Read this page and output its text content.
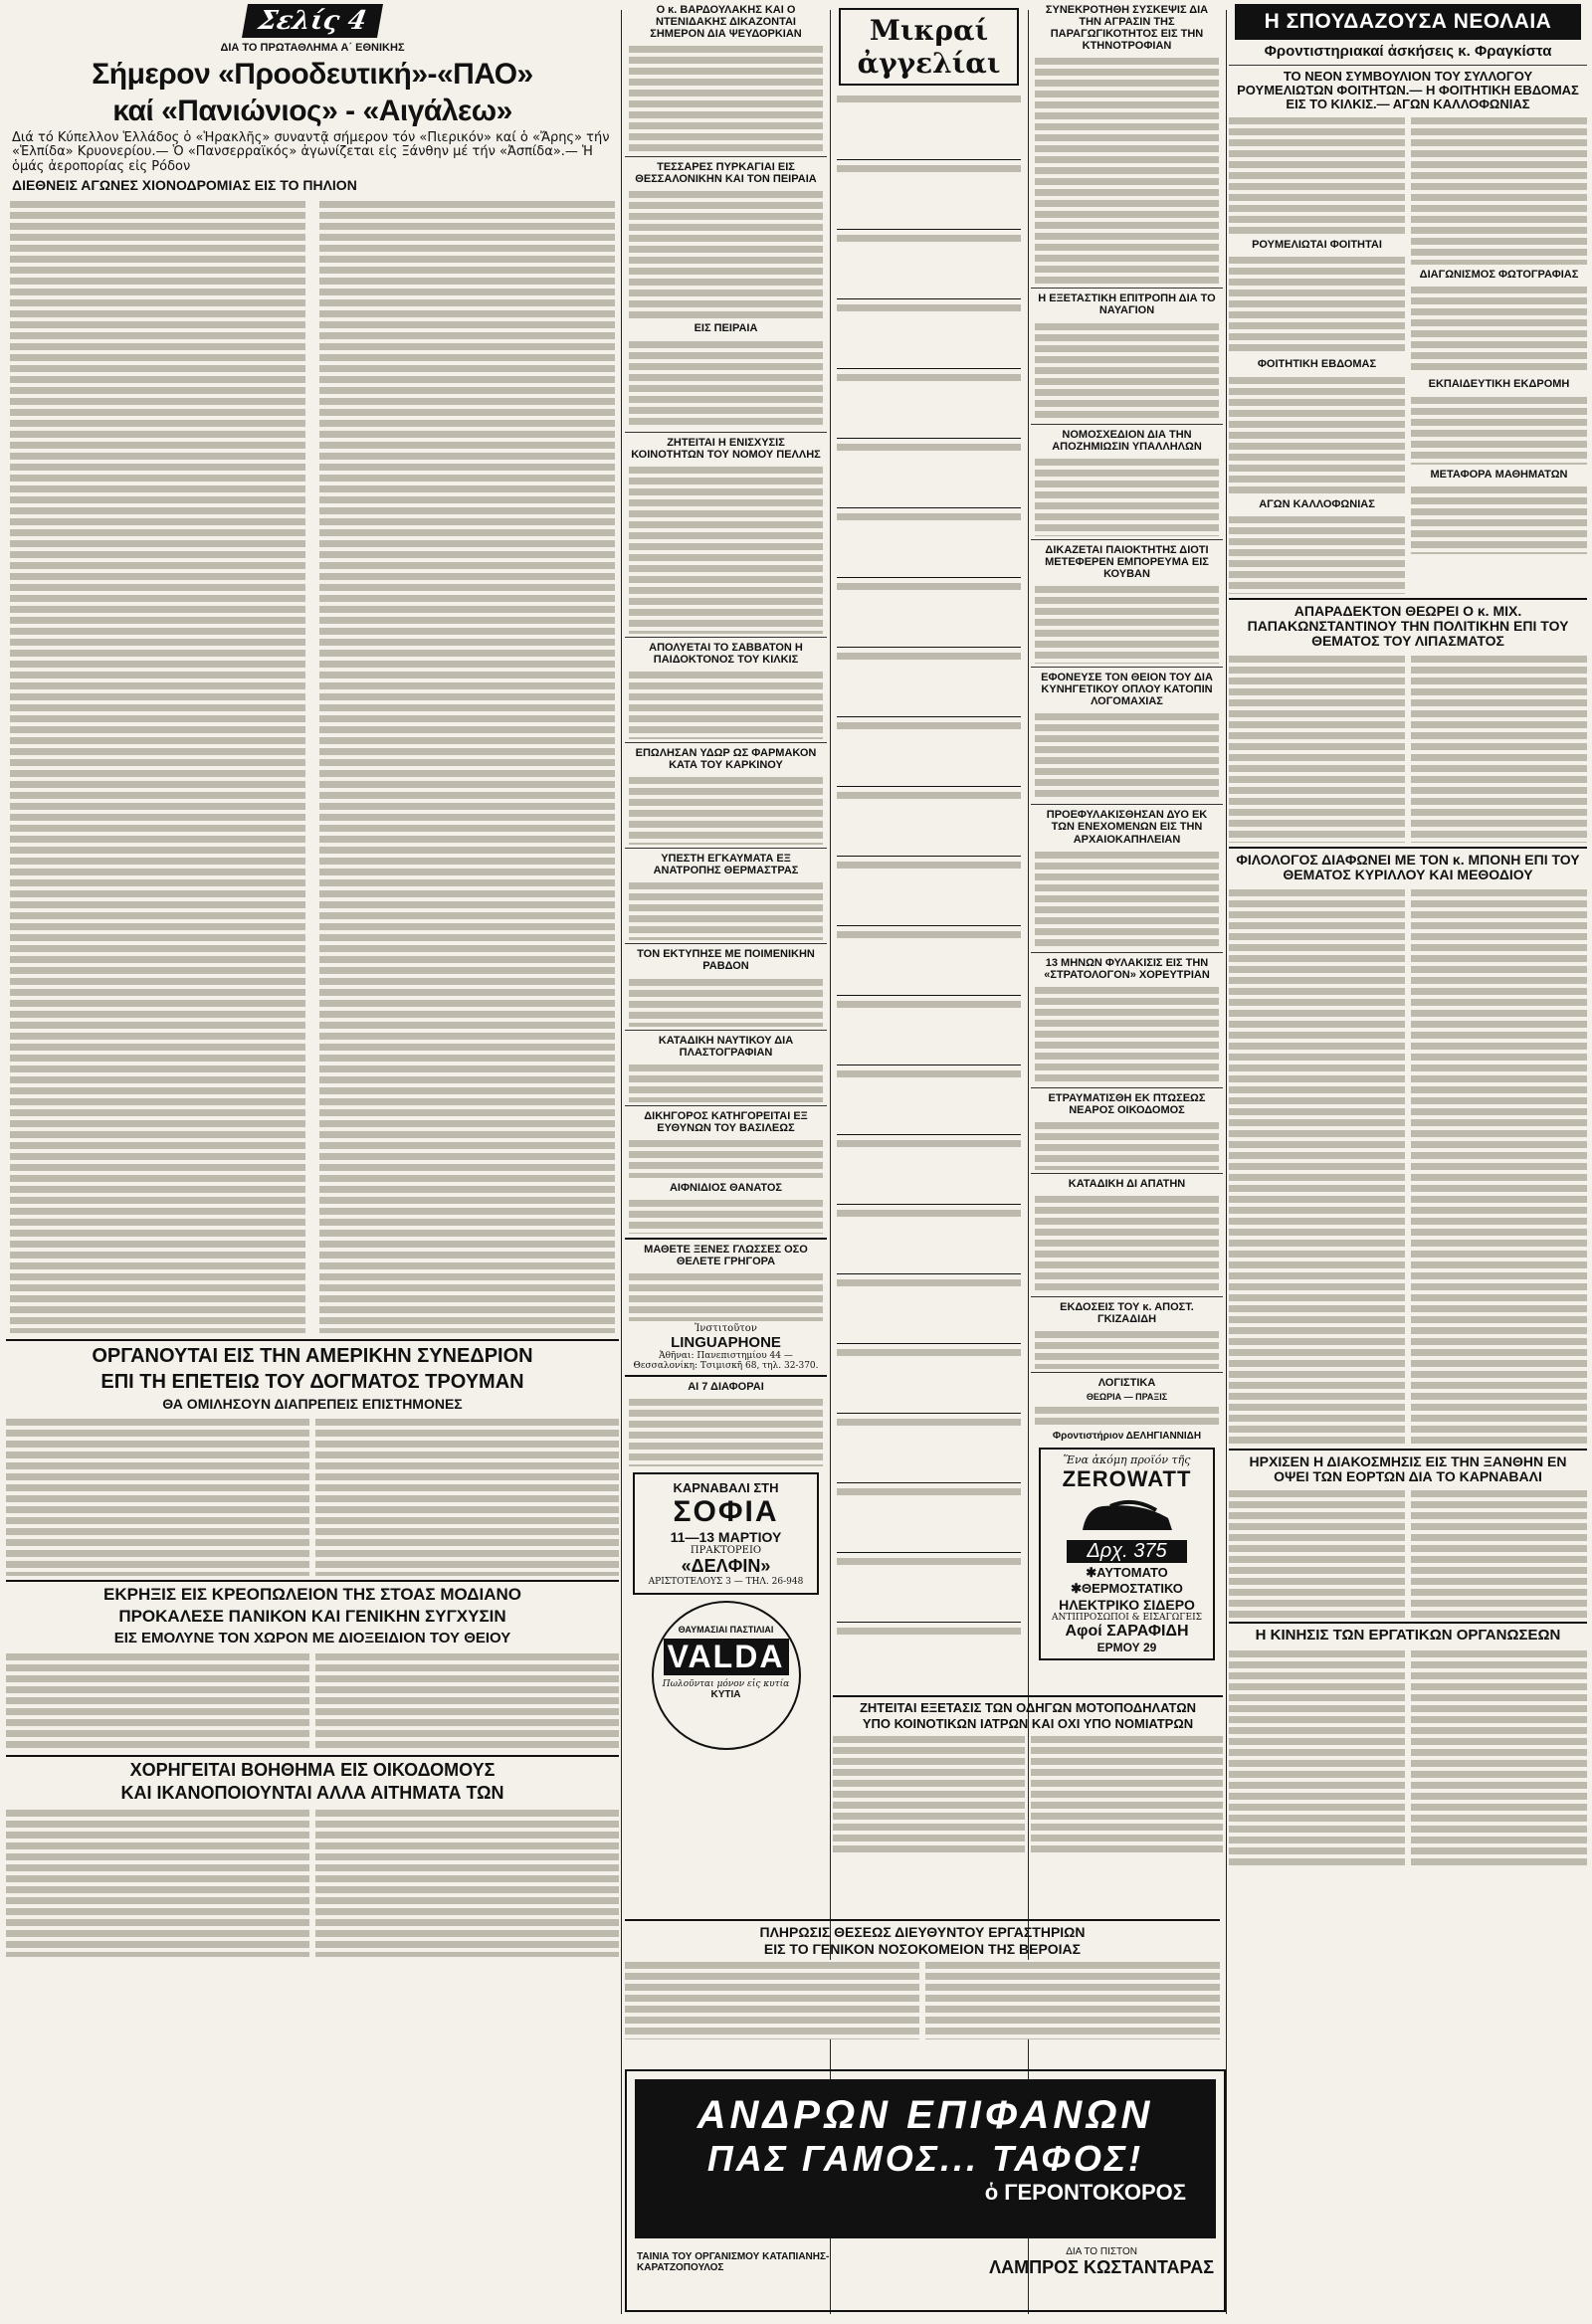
Σελίς 4
ΔΙΑ ΤΟ ΠΡΩΤΑΘΛΗΜΑ Α΄ ΕΘΝΙΚΗΣ
Σήμερον «Προοδευτική»-«ΠΑΟ»
καί «Πανιώνιος» - «Αιγάλεω»
Διά τό Κύπελλον Ἑλλάδος ὁ «Ἡρακλῆς» συναντᾷ σήμερον τόν «Πιερικόν» καί ὁ «Ἄρης» τήν «Ἑλπίδα» Κρυονερίου.— Ὁ «Πανσερραϊκός» ἀγωνίζεται εἰς Ξάνθην μέ τήν «Ἀσπίδα».— Ἡ ὁμάς ἀεροπορίας εἰς Ρόδον
ΔΙΕΘΝΕΙΣ ΑΓΩΝΕΣ ΧΙΟΝΟΔΡΟΜΙΑΣ ΕΙΣ ΤΟ ΠΗΛΙΟΝ
ΟΡΓΑΝΟΥΤΑΙ ΕΙΣ ΤΗΝ ΑΜΕΡΙΚΗΝ ΣΥΝΕΔΡΙΟΝ
ΕΠΙ ΤΗ ΕΠΕΤΕΙΩ ΤΟΥ ΔΟΓΜΑΤΟΣ ΤΡΟΥΜΑΝ
ΘΑ ΟΜΙΛΗΣΟΥΝ ΔΙΑΠΡΕΠΕΙΣ ΕΠΙΣΤΗΜΟΝΕΣ
ΕΚΡΗΞΙΣ ΕΙΣ ΚΡΕΟΠΩΛΕΙΟΝ ΤΗΣ ΣΤΟΑΣ ΜΟΔΙΑΝΟ
ΠΡΟΚΑΛΕΣΕ ΠΑΝΙΚΟΝ ΚΑΙ ΓΕΝΙΚΗΝ ΣΥΓΧΥΣΙΝ
ΕΙΣ ΕΜΟΛΥΝΕ ΤΟΝ ΧΩΡΟΝ ΜΕ ΔΙΟΞΕΙΔΙΟΝ ΤΟΥ ΘΕΙΟΥ
ΧΟΡΗΓΕΙΤΑΙ ΒΟΗΘΗΜΑ ΕΙΣ ΟΙΚΟΔΟΜΟΥΣ
ΚΑΙ ΙΚΑΝΟΠΟΙΟΥΝΤΑΙ ΑΛΛΑ ΑΙΤΗΜΑΤΑ ΤΩΝ
Ο κ. ΒΑΡΔΟΥΛΑΚΗΣ ΚΑΙ Ο ΝΤΕΝΙΔΑΚΗΣ ΔΙΚΑΖΟΝΤΑΙ ΣΗΜΕΡΟΝ ΔΙΑ ΨΕΥΔΟΡΚΙΑΝ
ΤΕΣΣΑΡΕΣ ΠΥΡΚΑΓΙΑΙ ΕΙΣ ΘΕΣΣΑΛΟΝΙΚΗΝ ΚΑΙ ΤΟΝ ΠΕΙΡΑΙΑ
ΕΙΣ ΠΕΙΡΑΙΑ
ΖΗΤΕΙΤΑΙ Η ΕΝΙΣΧΥΣΙΣ ΚΟΙΝΟΤΗΤΩΝ ΤΟΥ ΝΟΜΟΥ ΠΕΛΛΗΣ
ΑΠΟΛΥΕΤΑΙ ΤΟ ΣΑΒΒΑΤΟΝ Η ΠΑΙΔΟΚΤΟΝΟΣ ΤΟΥ ΚΙΛΚΙΣ
ΕΠΩΛΗΣΑΝ ΥΔΩΡ ΩΣ ΦΑΡΜΑΚΟΝ ΚΑΤΑ ΤΟΥ ΚΑΡΚΙΝΟΥ
ΥΠΕΣΤΗ ΕΓΚΑΥΜΑΤΑ ΕΞ ΑΝΑΤΡΟΠΗΣ ΘΕΡΜΑΣΤΡΑΣ
ΤΟΝ ΕΚΤΥΠΗΣΕ ΜΕ ΠΟΙΜΕΝΙΚΗΝ ΡΑΒΔΟΝ
ΚΑΤΑΔΙΚΗ ΝΑΥΤΙΚΟΥ ΔΙΑ ΠΛΑΣΤΟΓΡΑΦΙΑΝ
ΔΙΚΗΓΟΡΟΣ ΚΑΤΗΓΟΡΕΙΤΑΙ ΕΞ ΕΥΘΥΝΩΝ ΤΟΥ ΒΑΣΙΛΕΩΣ
ΑΙΦΝΙΔΙΟΣ ΘΑΝΑΤΟΣ
ΜΑΘΕΤΕ ΞΕΝΕΣ ΓΛΩΣΣΕΣ ΟΣΟ ΘΕΛΕΤΕ ΓΡΗΓΟΡΑ
Ἰνστιτοῦτον
LINGUAPHONE
Ἀθῆναι: Πανεπιστημίου 44 — Θεσσαλονίκη: Τσιμισκῆ 68, τηλ. 32-370.
ΑΙ 7 ΔΙΑΦΟΡΑΙ
ΚΑΡΝΑΒΑΛΙ ΣΤΗ
ΣΟΦΙΑ
11—13 ΜΑΡΤΙΟΥ
ΠΡΑΚΤΟΡΕΙΟ
«ΔΕΛΦΙΝ»
ΑΡΙΣΤΟΤΕΛΟΥΣ 3 — ΤΗΛ. 26-948
ΘΑΥΜΑΣΙΑΙ ΠΑΣΤΙΛΙΑΙ
VALDA
Πωλοῦνται μόνον εἰς κυτία
ΚΥΤΙΑ
Μικραί ἀγγελίαι
ΣΥΝΕΚΡΟΤΗΘΗ ΣΥΣΚΕΨΙΣ ΔΙΑ ΤΗΝ ΑΓΡΑΣΙΝ ΤΗΣ ΠΑΡΑΓΩΓΙΚΟΤΗΤΟΣ ΕΙΣ ΤΗΝ ΚΤΗΝΟΤΡΟΦΙΑΝ
Η ΕΞΕΤΑΣΤΙΚΗ ΕΠΙΤΡΟΠΗ ΔΙΑ ΤΟ ΝΑΥΑΓΙΟΝ
ΝΟΜΟΣΧΕΔΙΟΝ ΔΙΑ ΤΗΝ ΑΠΟΖΗΜΙΩΣΙΝ ΥΠΑΛΛΗΛΩΝ
ΔΙΚΑΖΕΤΑΙ ΠΑΙΟΚΤΗΤΗΣ ΔΙΟΤΙ ΜΕΤΕΦΕΡΕΝ ΕΜΠΟΡΕΥΜΑ ΕΙΣ ΚΟΥΒΑΝ
ΕΦΟΝΕΥΣΕ ΤΟΝ ΘΕΙΟΝ ΤΟΥ ΔΙΑ ΚΥΝΗΓΕΤΙΚΟΥ ΟΠΛΟΥ ΚΑΤΟΠΙΝ ΛΟΓΟΜΑΧΙΑΣ
ΠΡΟΕΦΥΛΑΚΙΣΘΗΣΑΝ ΔΥΟ ΕΚ ΤΩΝ ΕΝΕΧΟΜΕΝΩΝ ΕΙΣ ΤΗΝ ΑΡΧΑΙΟΚΑΠΗΛΕΙΑΝ
13 ΜΗΝΩΝ ΦΥΛΑΚΙΣΙΣ ΕΙΣ ΤΗΝ «ΣΤΡΑΤΟΛΟΓΟΝ» ΧΟΡΕΥΤΡΙΑΝ
ΕΤΡΑΥΜΑΤΙΣΘΗ ΕΚ ΠΤΩΣΕΩΣ ΝΕΑΡΟΣ ΟΙΚΟΔΟΜΟΣ
ΚΑΤΑΔΙΚΗ ΔΙ ΑΠΑΤΗΝ
ΕΚΔΟΣΕΙΣ ΤΟΥ κ. ΑΠΟΣΤ. ΓΚΙΖΑΔΙΔΗ
ΛΟΓΙΣΤΙΚΑ
ΘΕΩΡΙΑ — ΠΡΑΞΙΣ
Φροντιστήριον ΔΕΛΗΓΙΑΝΝΙΔΗ
Ἕνα ἀκόμη προϊόν τῆς
ZEROWATT
Δρχ. 375
✱ΑΥΤΟΜΑΤΟ
✱ΘΕΡΜΟΣΤΑΤΙΚΟ
ΗΛΕΚΤΡΙΚΟ ΣΙΔΕΡΟ
ΑΝΤΙΠΡΟΣΩΠΟΙ & ΕΙΣΑΓΩΓΕΙΣ
Αφοί ΣΑΡΑΦΙΔΗ
ΕΡΜΟΥ 29
ΖΗΤΕΙΤΑΙ ΕΞΕΤΑΣΙΣ ΤΩΝ ΟΔΗΓΩΝ ΜΟΤΟΠΟΔΗΛΑΤΩΝ
ΥΠΟ ΚΟΙΝΟΤΙΚΩΝ ΙΑΤΡΩΝ ΚΑΙ ΟΧΙ ΥΠΟ ΝΟΜΙΑΤΡΩΝ
ΠΛΗΡΩΣΙΣ ΘΕΣΕΩΣ ΔΙΕΥΘΥΝΤΟΥ ΕΡΓΑΣΤΗΡΙΩΝ
ΕΙΣ ΤΟ ΓΕΝΙΚΟΝ ΝΟΣΟΚΟΜΕΙΟΝ ΤΗΣ ΒΕΡΟΙΑΣ
Η ΣΠΟΥΔΑΖΟΥΣΑ ΝΕΟΛΑΙΑ
Φροντιστηριακαί ἀσκήσεις κ. Φραγκίστα
ΤΟ ΝΕΟΝ ΣΥΜΒΟΥΛΙΟΝ ΤΟΥ ΣΥΛΛΟΓΟΥ ΡΟΥΜΕΛΙΩΤΩΝ ΦΟΙΤΗΤΩΝ.— Η ΦΟΙΤΗΤΙΚΗ ΕΒΔΟΜΑΣ ΕΙΣ ΤΟ ΚΙΛΚΙΣ.— ΑΓΩΝ ΚΑΛΛΟΦΩΝΙΑΣ
ΡΟΥΜΕΛΙΩΤΑΙ ΦΟΙΤΗΤΑΙ
ΦΟΙΤΗΤΙΚΗ ΕΒΔΟΜΑΣ
ΑΓΩΝ ΚΑΛΛΟΦΩΝΙΑΣ
ΔΙΑΓΩΝΙΣΜΟΣ ΦΩΤΟΓΡΑΦΙΑΣ
ΕΚΠΑΙΔΕΥΤΙΚΗ ΕΚΔΡΟΜΗ
ΜΕΤΑΦΟΡΑ ΜΑΘΗΜΑΤΩΝ
ΑΠΑΡΑΔΕΚΤΟΝ ΘΕΩΡΕΙ Ο κ. ΜΙΧ. ΠΑΠΑΚΩΝΣΤΑΝΤΙΝΟΥ ΤΗΝ ΠΟΛΙΤΙΚΗΝ ΕΠΙ ΤΟΥ ΘΕΜΑΤΟΣ ΤΟΥ ΛΙΠΑΣΜΑΤΟΣ
ΦΙΛΟΛΟΓΟΣ ΔΙΑΦΩΝΕΙ ΜΕ ΤΟΝ κ. ΜΠΟΝΗ ΕΠΙ ΤΟΥ ΘΕΜΑΤΟΣ ΚΥΡΙΛΛΟΥ ΚΑΙ ΜΕΘΟΔΙΟΥ
ΗΡΧΙΣΕΝ Η ΔΙΑΚΟΣΜΗΣΙΣ ΕΙΣ ΤΗΝ ΞΑΝΘΗΝ ΕΝ ΟΨΕΙ ΤΩΝ ΕΟΡΤΩΝ ΔΙΑ ΤΟ ΚΑΡΝΑΒΑΛΙ
Η ΚΙΝΗΣΙΣ ΤΩΝ ΕΡΓΑΤΙΚΩΝ ΟΡΓΑΝΩΣΕΩΝ
ΑΝΔΡΩΝ ΕΠΙΦΑΝΩΝ
ΠΑΣ ΓΑΜΟΣ... ΤΑΦΟΣ!
ὁ ΓΕΡΟΝΤΟΚΟΡΟΣ
ΤΑΙΝΙΑ ΤΟΥ ΟΡΓΑΝΙΣΜΟΥ ΚΑΤΑΠΙΑΝΗΣ-ΚΑΡΑΤΖΟΠΟΥΛΟΣ
ΔΙΑ ΤΟ ΠΙΣΤΟΝ
ΛΑΜΠΡΟΣ ΚΩΣΤΑΝΤΑΡΑΣ
